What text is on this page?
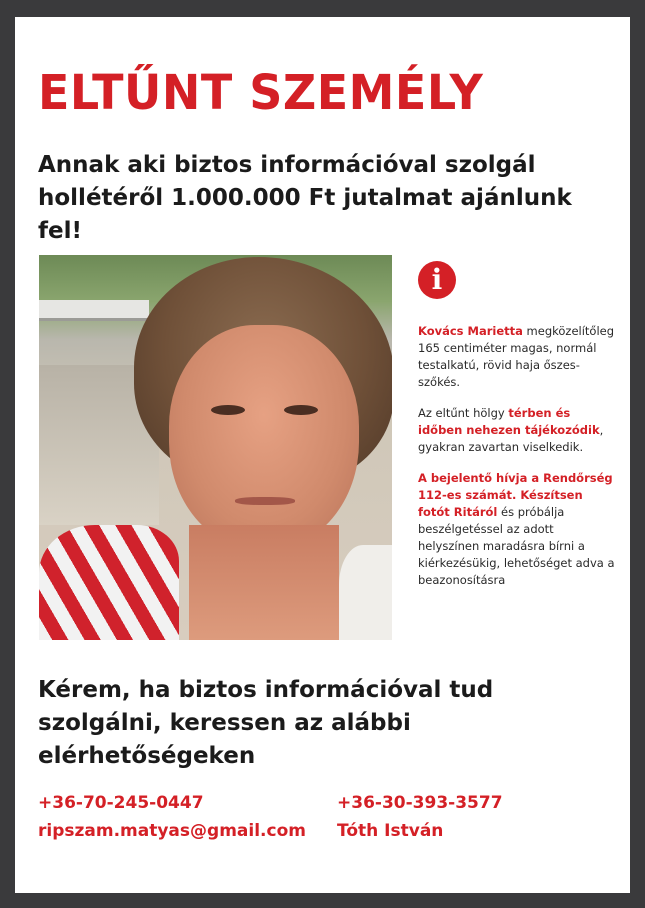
ELTŰNT SZEMÉLY
Annak aki biztos információval szolgál hollétéről 1.000.000 Ft jutalmat ajánlunk fel!
i

Kovács Marietta megközelítőleg 165 centiméter magas, normál testalkatú, rövid haja őszes-szőkés.

Az eltűnt hölgy térben és időben nehezen tájékozódik, gyakran zavartan viselkedik.

A bejelentő hívja a Rendőrség 112-es számát. Készítsen fotót Ritáról és próbálja beszélgetéssel az adott helyszínen maradásra bírni a kiérkezésükig, lehetőséget adva a beazonosításra

Kérem, ha biztos információval tud szolgálni, keressen az alábbi elérhetőségeken
+36-70-245-0447
ripszam.matyas@gmail.com
+36-30-393-3577
Tóth István
